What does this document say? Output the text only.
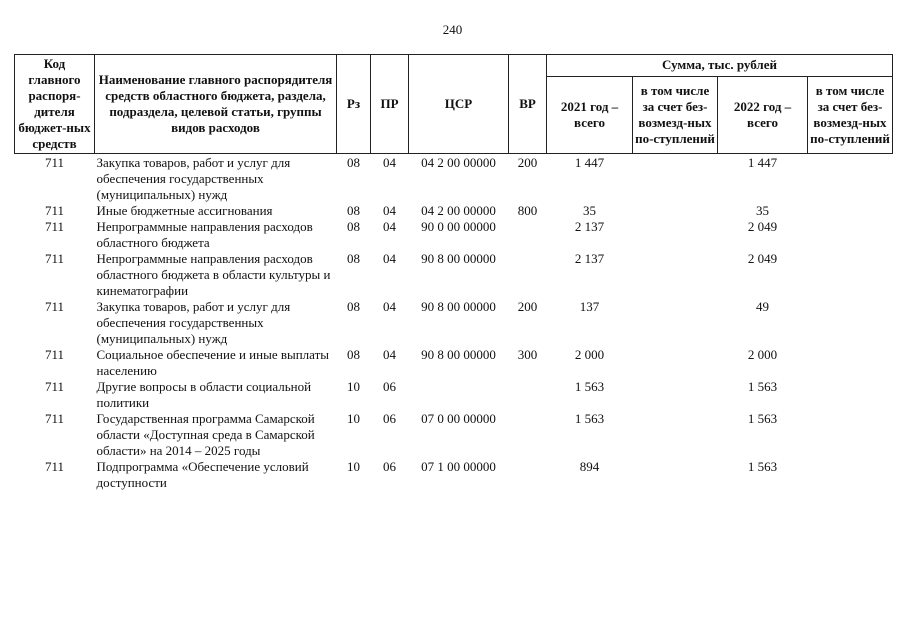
240
Код главного распоря-дителя бюджет-ных средств	Наименование главного распорядителя средств областного бюджета, раздела, подраздела, целевой статьи, группы видов расходов	Рз	ПР	ЦСР	ВР	Сумма, тыс. рублей			
						2021 год – всего	в том числе за счет без-возмезд-ных по-ступлений	2022 год – всего	в том числе за счет без-возмезд-ных по-ступлений
711	Закупка товаров, работ и услуг для обеспечения государственных (муниципальных) нужд	08	04	04 2 00 00000	200	1 447		1 447	
711	Иные бюджетные ассигнования	08	04	04 2 00 00000	800	35		35	
711	Непрограммные направления расходов областного бюджета	08	04	90 0 00 00000		2 137		2 049	
711	Непрограммные направления расходов областного бюджета в области культуры и кинематографии	08	04	90 8 00 00000		2 137		2 049	
711	Закупка товаров, работ и услуг для обеспечения государственных (муниципальных) нужд	08	04	90 8 00 00000	200	137		49	
711	Социальное обеспечение и иные выплаты населению	08	04	90 8 00 00000	300	2 000		2 000	
711	Другие вопросы в области социальной политики	10	06			1 563		1 563	
711	Государственная программа Самарской области «Доступная среда в Самарской области» на 2014 – 2025 годы	10	06	07 0 00 00000		1 563		1 563	
711	Подпрограмма «Обеспечение условий доступности	10	06	07 1 00 00000		894		1 563	
